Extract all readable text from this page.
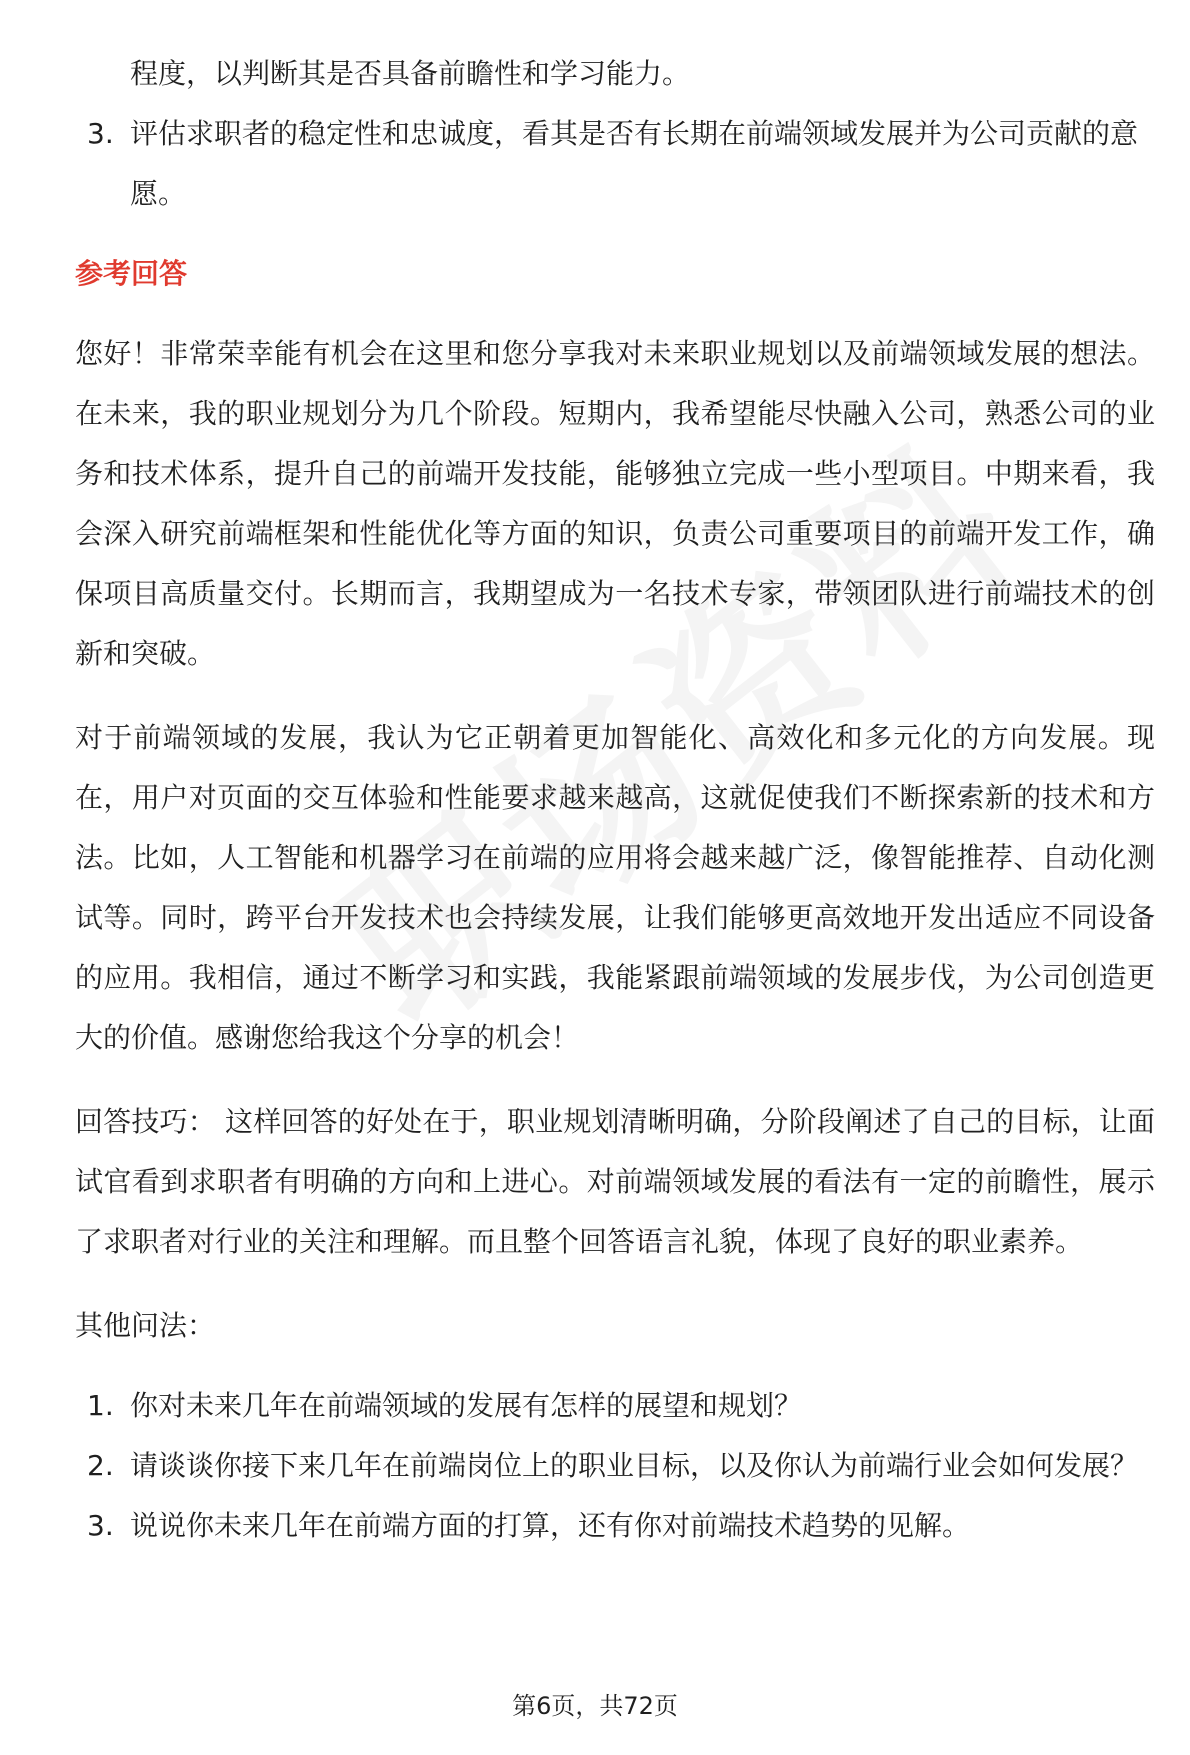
程度，以判断其是否具备前瞻性和学习能力。
3. 评估求职者的稳定性和忠诚度，看其是否有长期在前端领域发展并为公司贡献的意愿。

参考回答

您好！非常荣幸能有机会在这里和您分享我对未来职业规划以及前端领域发展的想法。在未来，我的职业规划分为几个阶段。短期内，我希望能尽快融入公司，熟悉公司的业务和技术体系，提升自己的前端开发技能，能够独立完成一些小型项目。中期来看，我会深入研究前端框架和性能优化等方面的知识，负责公司重要项目的前端开发工作，确保项目高质量交付。长期而言，我期望成为一名技术专家，带领团队进行前端技术的创新和突破。

对于前端领域的发展，我认为它正朝着更加智能化、高效化和多元化的方向发展。现在，用户对页面的交互体验和性能要求越来越高，这就促使我们不断探索新的技术和方法。比如，人工智能和机器学习在前端的应用将会越来越广泛，像智能推荐、自动化测试等。同时，跨平台开发技术也会持续发展，让我们能够更高效地开发出适应不同设备的应用。我相信，通过不断学习和实践，我能紧跟前端领域的发展步伐，为公司创造更大的价值。感谢您给我这个分享的机会！

回答技巧： 这样回答的好处在于，职业规划清晰明确，分阶段阐述了自己的目标，让面试官看到求职者有明确的方向和上进心。对前端领域发展的看法有一定的前瞻性，展示了求职者对行业的关注和理解。而且整个回答语言礼貌，体现了良好的职业素养。

其他问法：

1. 你对未来几年在前端领域的发展有怎样的展望和规划？
2. 请谈谈你接下来几年在前端岗位上的职业目标，以及你认为前端行业会如何发展？
3. 说说你未来几年在前端方面的打算，还有你对前端技术趋势的见解。
第6页，共72页
